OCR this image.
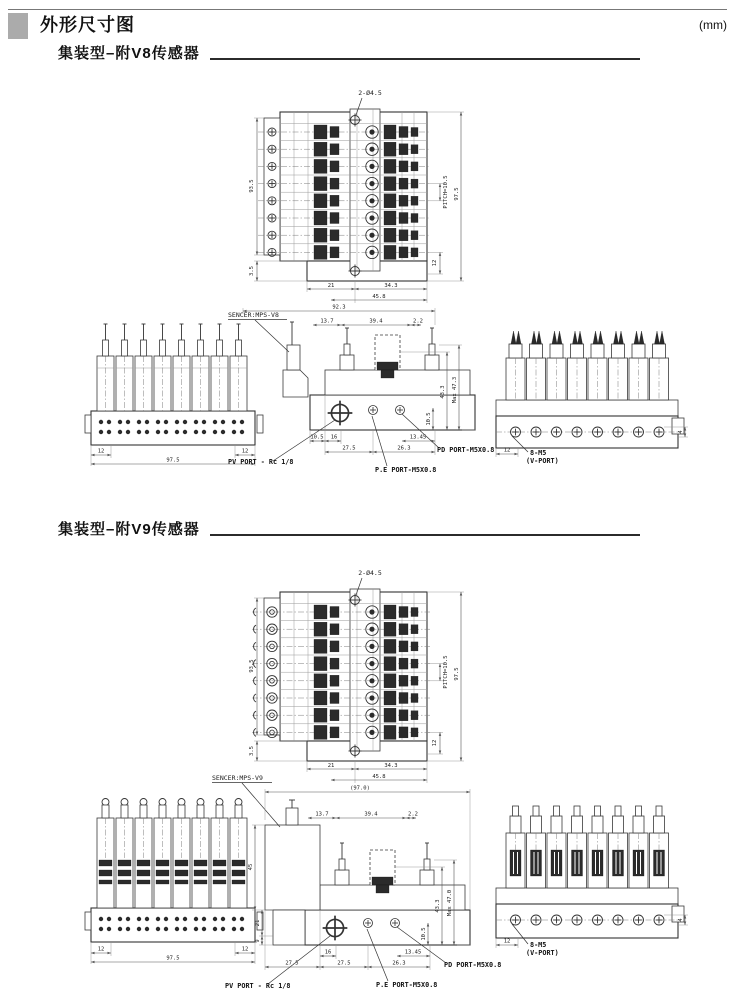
外形尺寸图	(mm)
集装型–附V8传感器
2-Ø4.5
93.5
3.5
PITCH=10.5
12
97.5
21	34.3
45.8
12	12
97.5
SENCER:MPS-V8
92.3
13.7	39.4	2.2
43.3 Max 47.3
10.5
10.5 16	13.45
27.5	26.3
PV PORT - Rc 1/8
P.E PORT-M5X0.8
PD PORT-M5X0.8 12	8-M5
(V-PORT)
4
集装型–附V9传感器
2-Ø4.5
93.5
3.5
PITCH=10.5
12
97.5
21	34.3
45.8
12	12
97.5
SENCER:MPS-V9
(97.0)
13.7	39.4	2.2
45
21
9
43.3 Max 47.0
10.5
16	13.45
27.5	27.5	26.3
PV PORT - Rc 1/8	P.E PORT-M5X0.8
PD PORT-M5X0.8
12	8-M5
(V-PORT)
4
